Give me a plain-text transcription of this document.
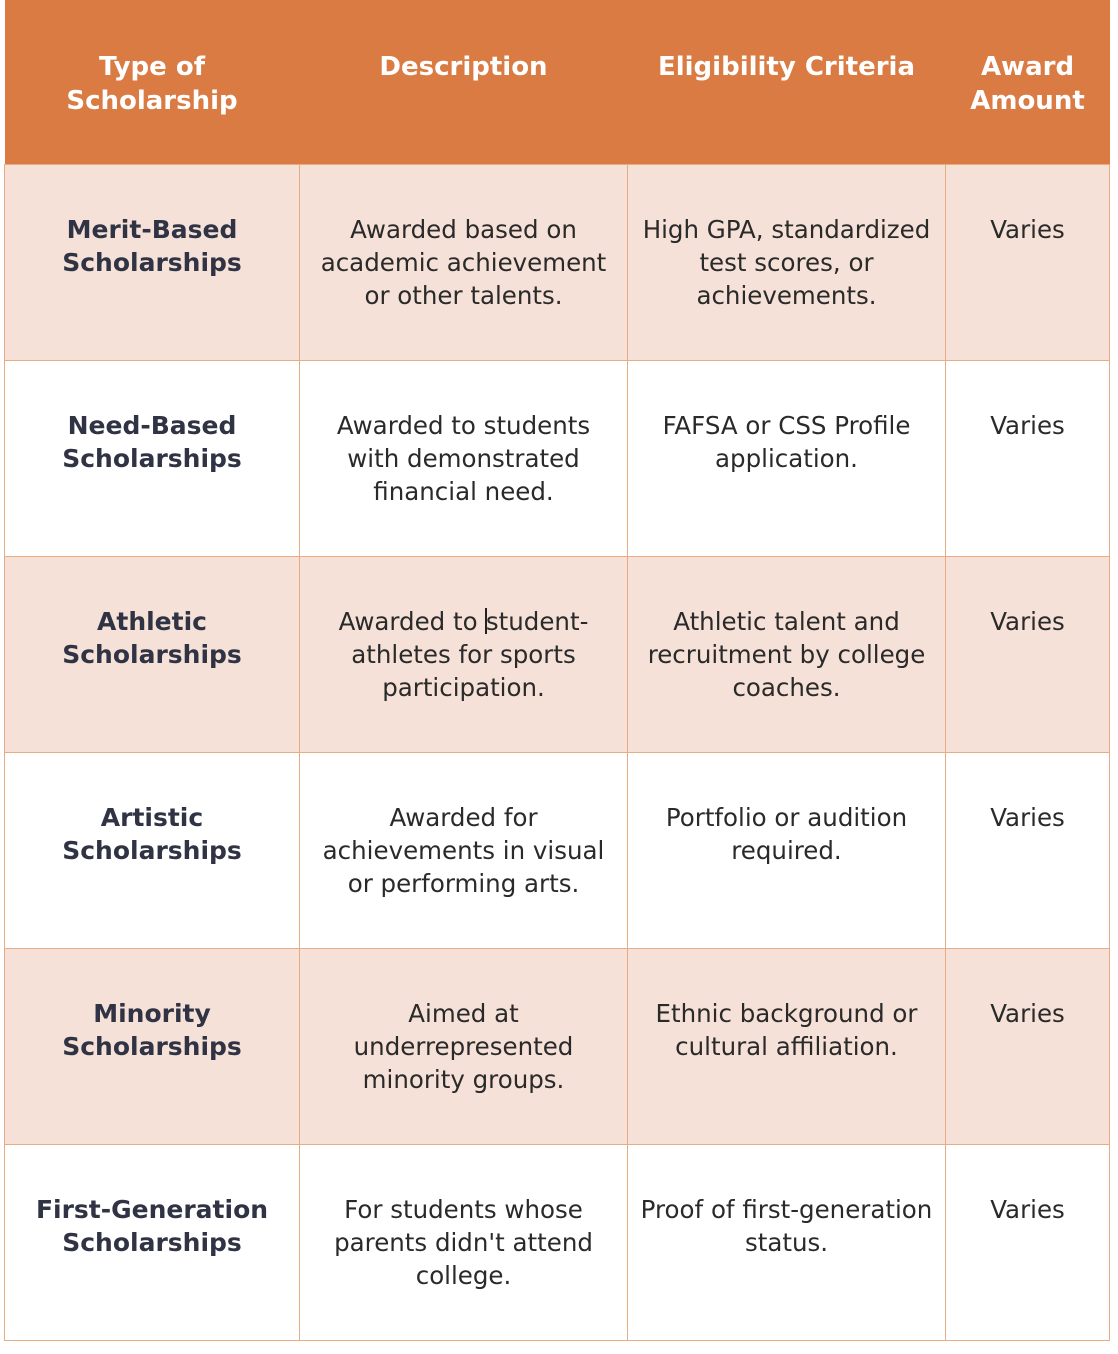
Type of Scholarship	Description	Eligibility Criteria	Award Amount
Merit-Based Scholarships	Awarded based on academic achievement or other talents.	High GPA, standardized test scores, or achievements.	Varies
Need-Based Scholarships	Awarded to students with demonstrated financial need.	FAFSA or CSS Profile application.	Varies
Athletic Scholarships	Awarded to student-athletes for sports participation.	Athletic talent and recruitment by college coaches.	Varies
Artistic Scholarships	Awarded for achievements in visual or performing arts.	Portfolio or audition required.	Varies
Minority Scholarships	Aimed at underrepresented minority groups.	Ethnic background or cultural affiliation.	Varies
First-Generation Scholarships	For students whose parents didn't attend college.	Proof of first-generation status.	Varies
